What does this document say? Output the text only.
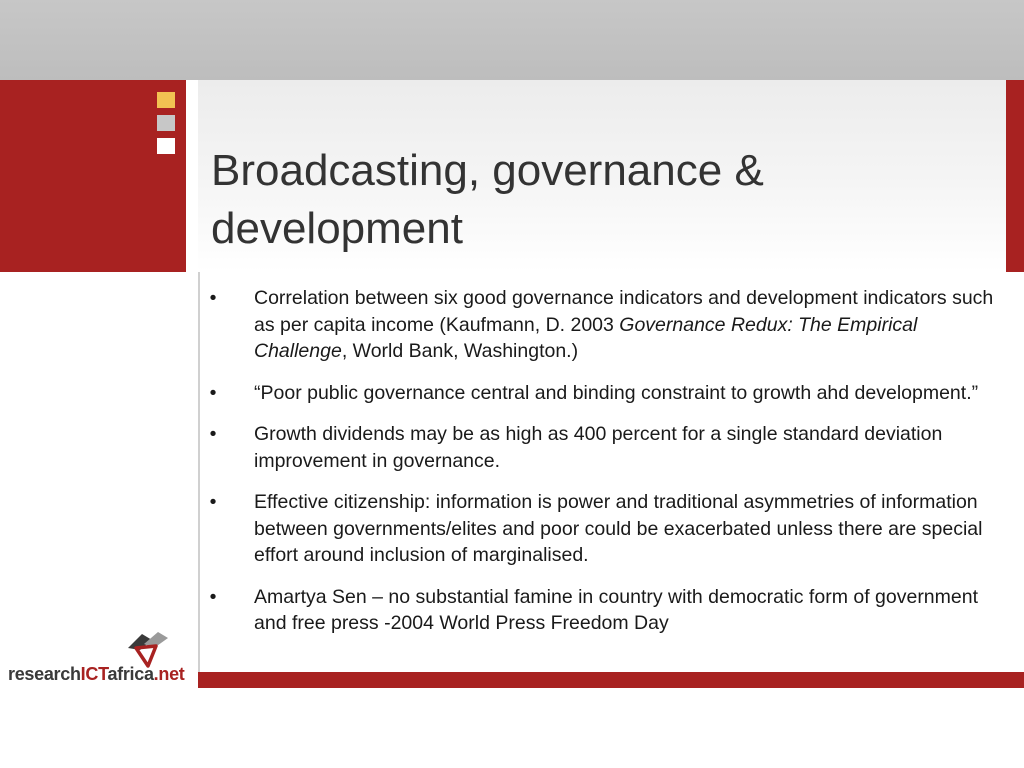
Broadcasting, governance &
development
• Correlation between six good governance indicators and development indicators such as per capita income (Kaufmann, D. 2003 Governance Redux: The Empirical Challenge, World Bank, Washington.)
• “Poor public governance central and binding constraint to growth ahd development.”
• Growth dividends may be as high as 400 percent for a single standard deviation improvement in governance.
• Effective citizenship: information is power and traditional asymmetries of information between governments/elites and poor could be exacerbated unless there are special effort around inclusion of marginalised.
• Amartya Sen – no substantial famine in country with democratic form of government and free press -2004 World Press Freedom Day
researchICTafrica.net
